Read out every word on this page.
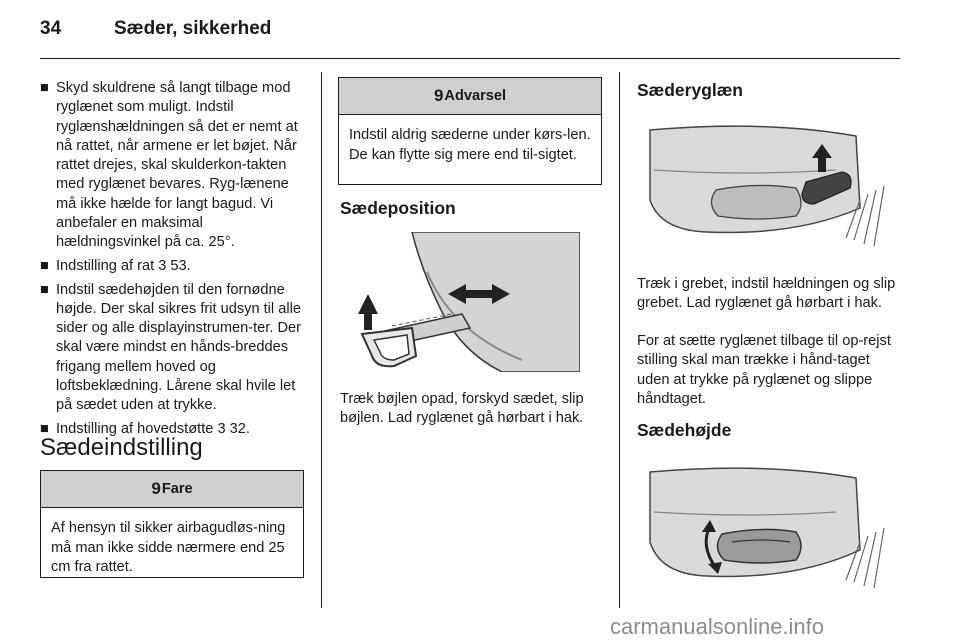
34	Sæder, sikkerhed
■ Skyd skuldrene så langt tilbage mod ryglænet som muligt. Indstil ryglænshældningen så det er nemt at nå rattet, når armene er let bøjet. Når rattet drejes, skal skulderkon-takten med ryglænet bevares. Ryg-lænene må ikke hælde for langt bagud. Vi anbefaler en maksimal hældningsvinkel på ca. 25°.
■ Indstilling af rat 3 53.
■ Indstil sædehøjden til den fornødne højde. Der skal sikres frit udsyn til alle sider og alle displayinstrumen-ter. Der skal være mindst en hånds-breddes frigang mellem hoved og loftsbeklædning. Lårene skal hvile let på sædet uden at trykke.
■ Indstilling af hovedstøtte 3 32.
Sædeindstilling
9 Fare
Af hensyn til sikker airbagudløs-ning må man ikke sidde nærmere end 25 cm fra rattet.
9 Advarsel
Indstil aldrig sæderne under kørs-len. De kan flytte sig mere end til-sigtet.
Sædeposition
Træk bøjlen opad, forskyd sædet, slip bøjlen. Lad ryglænet gå hørbart i hak.
Sæderyglæn
Træk i grebet, indstil hældningen og slip grebet. Lad ryglænet gå hørbart i hak.
For at sætte ryglænet tilbage til op-rejst stilling skal man trække i hånd-taget uden at trykke på ryglænet og slippe håndtaget.
Sædehøjde
carmanualsonline.info
